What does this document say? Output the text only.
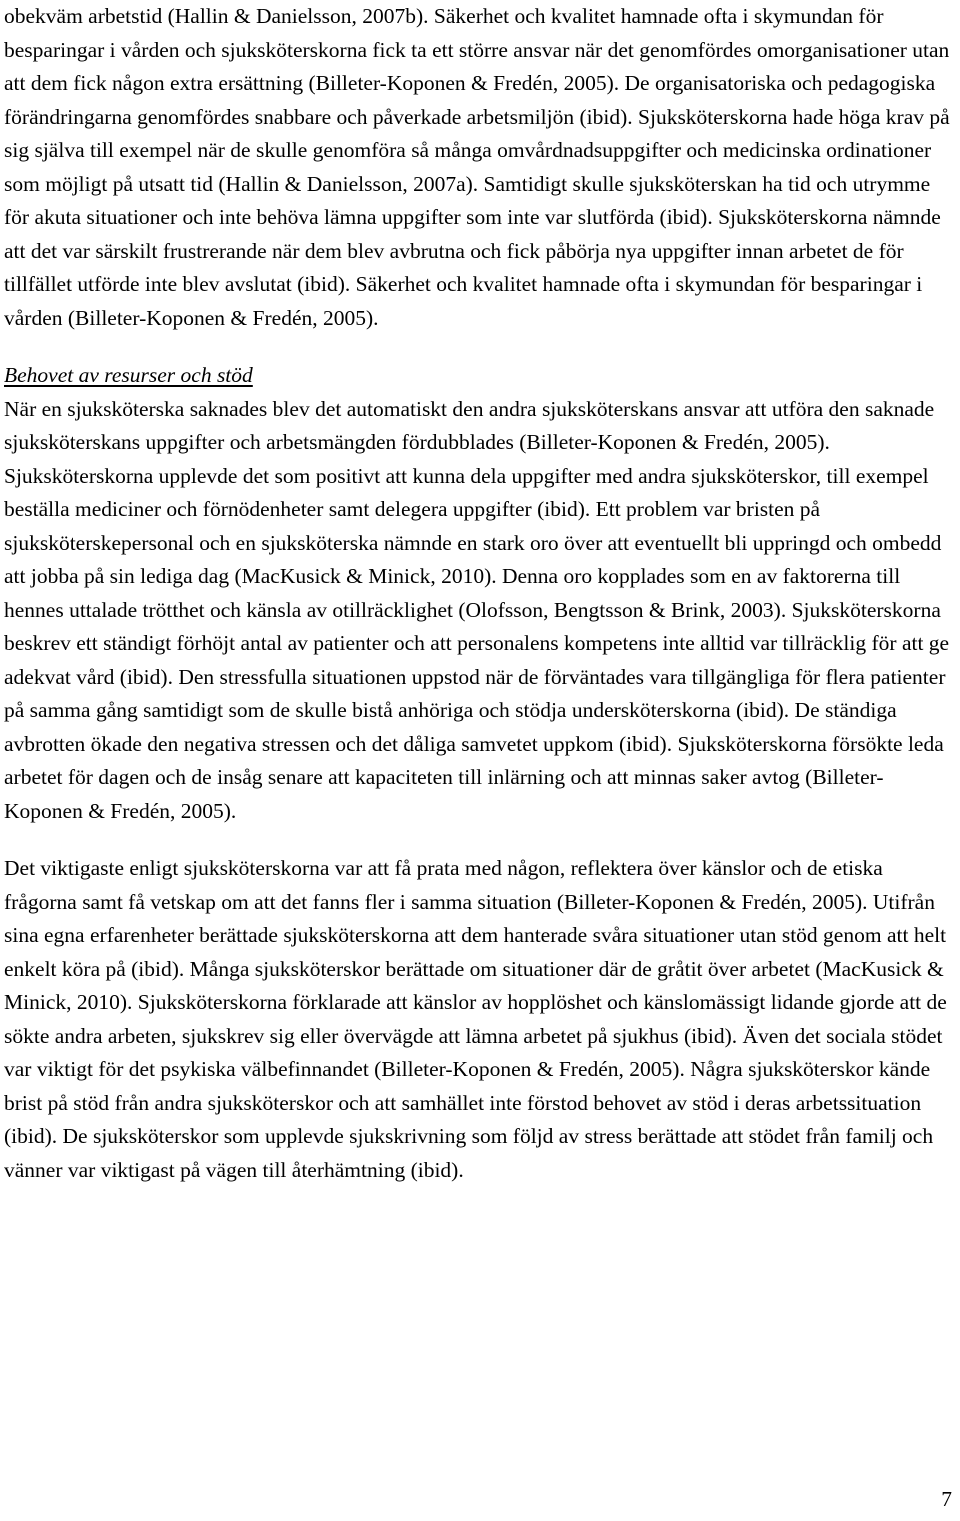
obekväm arbetstid (Hallin & Danielsson, 2007b). Säkerhet och kvalitet hamnade ofta i skymundan för besparingar i vården och sjuksköterskorna fick ta ett större ansvar när det genomfördes omorganisationer utan att dem fick någon extra ersättning (Billeter-Koponen & Fredén, 2005). De organisatoriska och pedagogiska förändringarna genomfördes snabbare och påverkade arbetsmiljön (ibid). Sjuksköterskorna hade höga krav på sig själva till exempel när de skulle genomföra så många omvårdnadsuppgifter och medicinska ordinationer som möjligt på utsatt tid (Hallin & Danielsson, 2007a). Samtidigt skulle sjuksköterskan ha tid och utrymme för akuta situationer och inte behöva lämna uppgifter som inte var slutförda (ibid). Sjuksköterskorna nämnde att det var särskilt frustrerande när dem blev avbrutna och fick påbörja nya uppgifter innan arbetet de för tillfället utförde inte blev avslutat (ibid). Säkerhet och kvalitet hamnade ofta i skymundan för besparingar i vården (Billeter-Koponen & Fredén, 2005).

Behovet av resurser och stöd

När en sjuksköterska saknades blev det automatiskt den andra sjuksköterskans ansvar att utföra den saknade sjuksköterskans uppgifter och arbetsmängden fördubblades (Billeter-Koponen & Fredén, 2005). Sjuksköterskorna upplevde det som positivt att kunna dela uppgifter med andra sjuksköterskor, till exempel beställa mediciner och förnödenheter samt delegera uppgifter (ibid). Ett problem var bristen på sjuksköterskepersonal och en sjuksköterska nämnde en stark oro över att eventuellt bli uppringd och ombedd att jobba på sin lediga dag (MacKusick & Minick, 2010). Denna oro kopplades som en av faktorerna till hennes uttalade trötthet och känsla av otillräcklighet (Olofsson, Bengtsson & Brink, 2003). Sjuksköterskorna beskrev ett ständigt förhöjt antal av patienter och att personalens kompetens inte alltid var tillräcklig för att ge adekvat vård (ibid). Den stressfulla situationen uppstod när de förväntades vara tillgängliga för flera patienter på samma gång samtidigt som de skulle bistå anhöriga och stödja undersköterskorna (ibid). De ständiga avbrotten ökade den negativa stressen och det dåliga samvetet uppkom (ibid). Sjuksköterskorna försökte leda arbetet för dagen och de insåg senare att kapaciteten till inlärning och att minnas saker avtog (Billeter-Koponen & Fredén, 2005).

Det viktigaste enligt sjuksköterskorna var att få prata med någon, reflektera över känslor och de etiska frågorna samt få vetskap om att det fanns fler i samma situation (Billeter-Koponen & Fredén, 2005). Utifrån sina egna erfarenheter berättade sjuksköterskorna att dem hanterade svåra situationer utan stöd genom att helt enkelt köra på (ibid). Många sjuksköterskor berättade om situationer där de gråtit över arbetet (MacKusick & Minick, 2010). Sjuksköterskorna förklarade att känslor av hopplöshet och känslomässigt lidande gjorde att de sökte andra arbeten, sjukskrev sig eller övervägde att lämna arbetet på sjukhus (ibid). Även det sociala stödet var viktigt för det psykiska välbefinnandet (Billeter-Koponen & Fredén, 2005). Några sjuksköterskor kände brist på stöd från andra sjuksköterskor och att samhället inte förstod behovet av stöd i deras arbetssituation (ibid). De sjuksköterskor som upplevde sjukskrivning som följd av stress berättade att stödet från familj och vänner var viktigast på vägen till återhämtning (ibid).

7
